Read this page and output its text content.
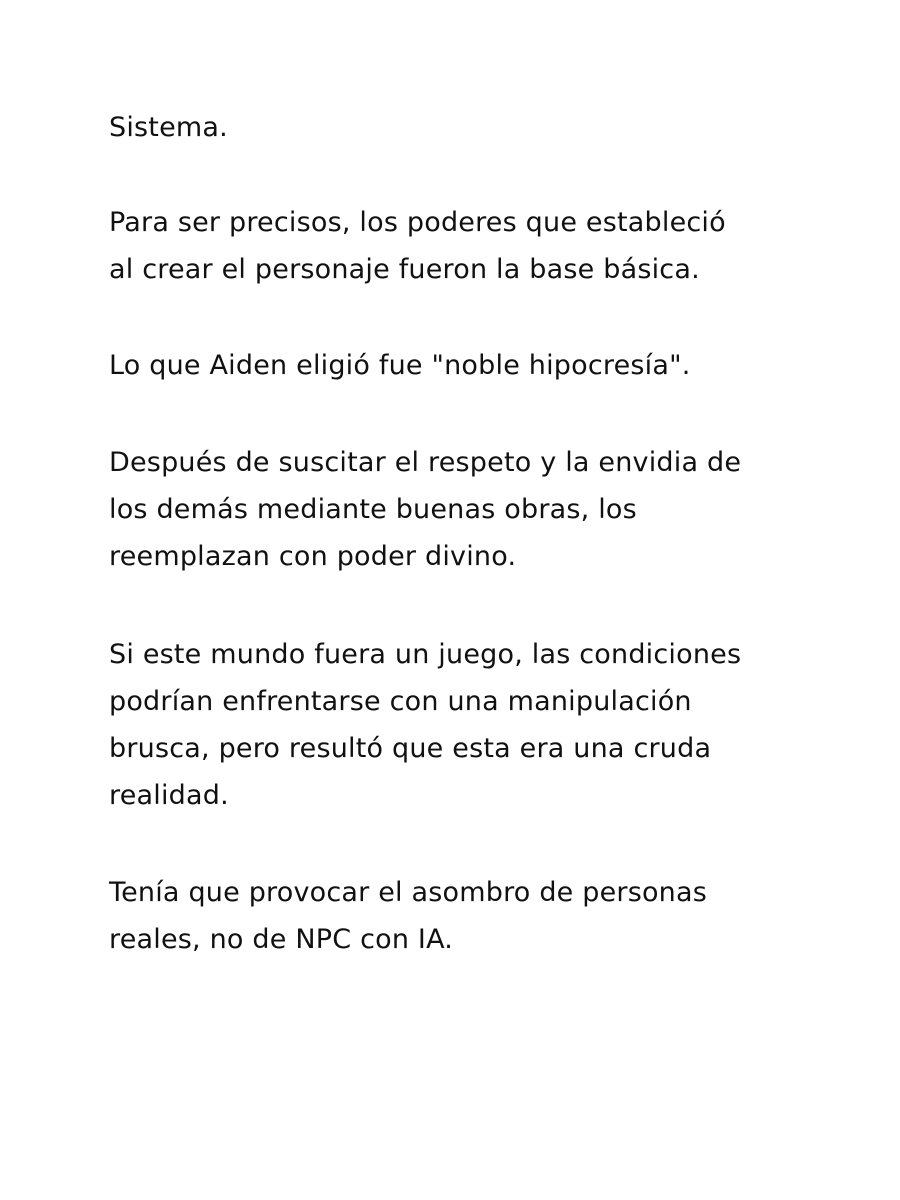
Sistema.
Para ser precisos, los poderes que estableció
al crear el personaje fueron la base básica.
Lo que Aiden eligió fue "noble hipocresía".
Después de suscitar el respeto y la envidia de
los demás mediante buenas obras, los
reemplazan con poder divino.
Si este mundo fuera un juego, las condiciones
podrían enfrentarse con una manipulación
brusca, pero resultó que esta era una cruda
realidad.
Tenía que provocar el asombro de personas
reales, no de NPC con IA.
